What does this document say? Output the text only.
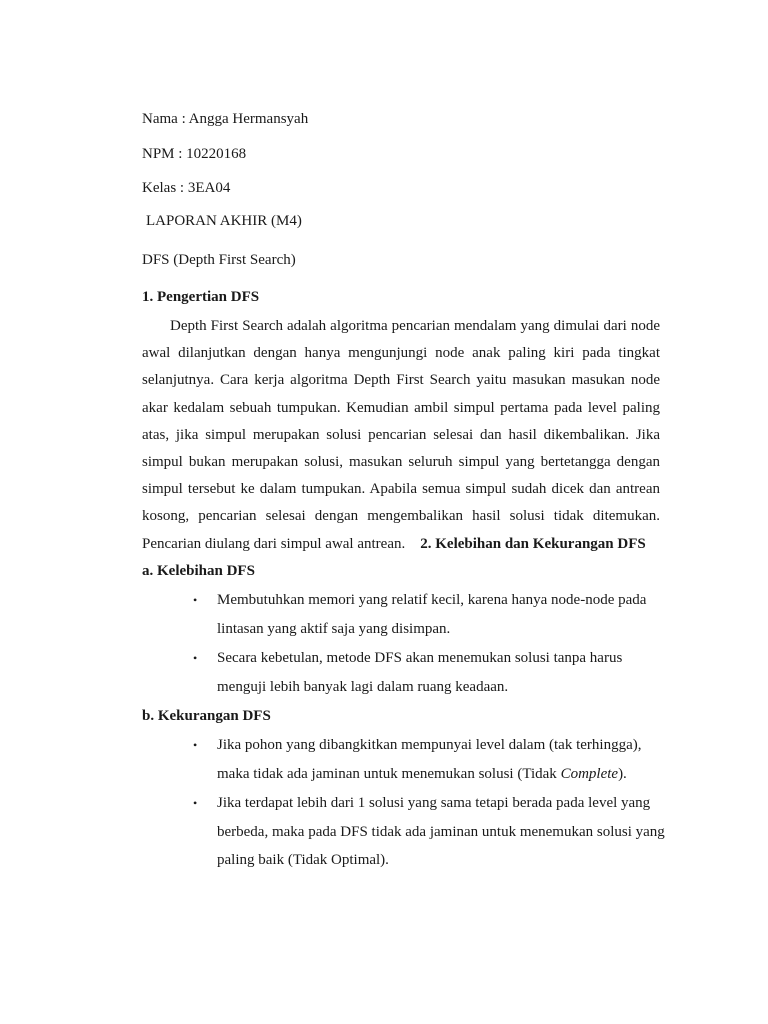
Nama : Angga Hermansyah
NPM : 10220168
Kelas : 3EA04
LAPORAN AKHIR (M4)
DFS (Depth First Search)
1. Pengertian DFS

Depth First Search adalah algoritma pencarian mendalam yang dimulai dari node awal dilanjutkan dengan hanya mengunjungi node anak paling kiri pada tingkat selanjutnya. Cara kerja algoritma Depth First Search yaitu masukan masukan node akar kedalam sebuah tumpukan. Kemudian ambil simpul pertama pada level paling atas, jika simpul merupakan solusi pencarian selesai dan hasil dikembalikan. Jika simpul bukan merupakan solusi, masukan seluruh simpul yang bertetangga dengan simpul tersebut ke dalam tumpukan. Apabila semua simpul sudah dicek dan antrean kosong, pencarian selesai dengan mengembalikan hasil solusi tidak ditemukan. Pencarian diulang dari simpul awal antrean. 2. Kelebihan dan Kekurangan DFS

a. Kelebihan DFS
• Membutuhkan memori yang relatif kecil, karena hanya node-node pada lintasan yang aktif saja yang disimpan.
• Secara kebetulan, metode DFS akan menemukan solusi tanpa harus menguji lebih banyak lagi dalam ruang keadaan.
b. Kekurangan DFS
• Jika pohon yang dibangkitkan mempunyai level dalam (tak terhingga), maka tidak ada jaminan untuk menemukan solusi (Tidak Complete).
• Jika terdapat lebih dari 1 solusi yang sama tetapi berada pada level yang berbeda, maka pada DFS tidak ada jaminan untuk menemukan solusi yang paling baik (Tidak Optimal).
